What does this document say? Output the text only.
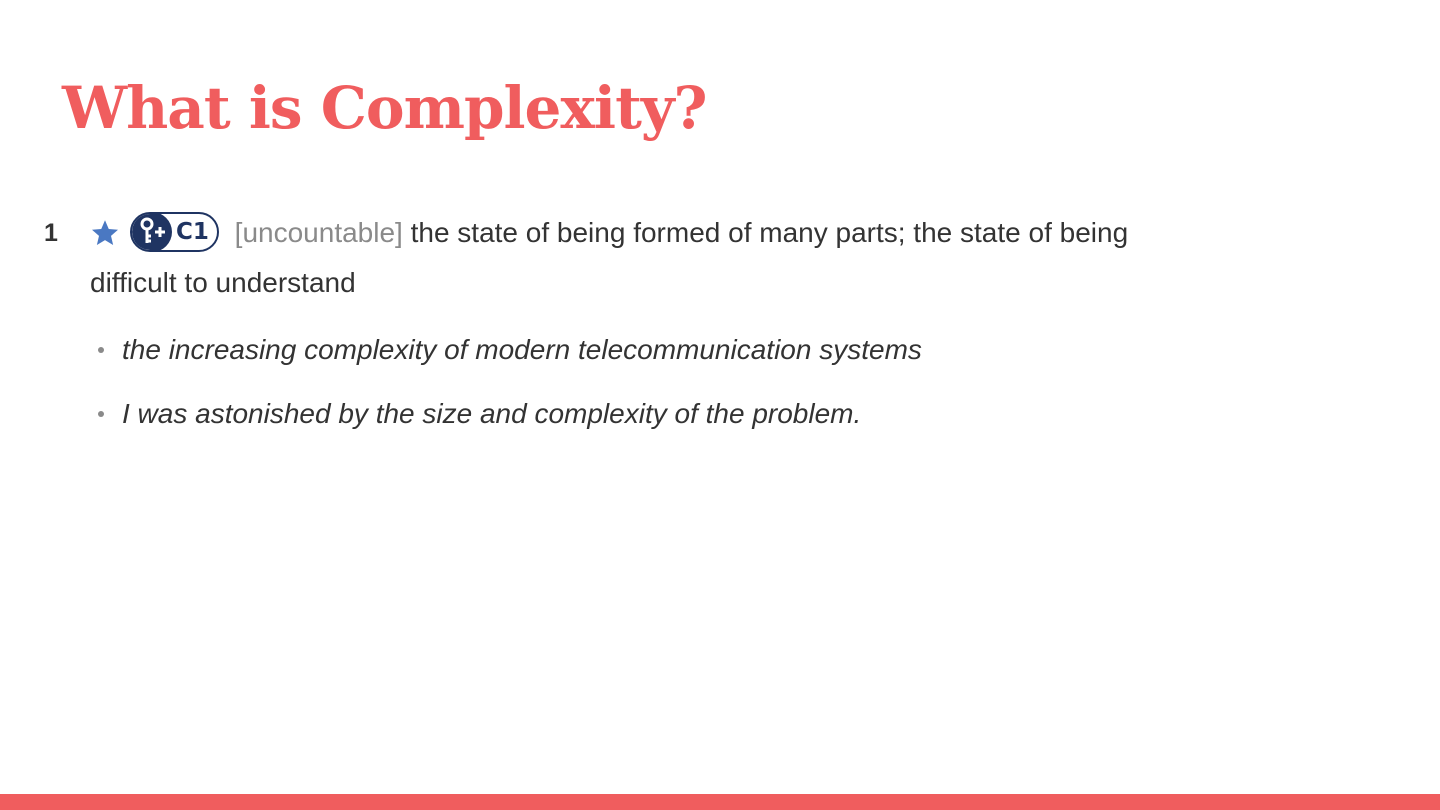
What is Complexity?
1	C1 [uncountable] the state of being formed of many parts; the state of being difficult to understand
the increasing complexity of modern telecommunication systems
I was astonished by the size and complexity of the problem.
